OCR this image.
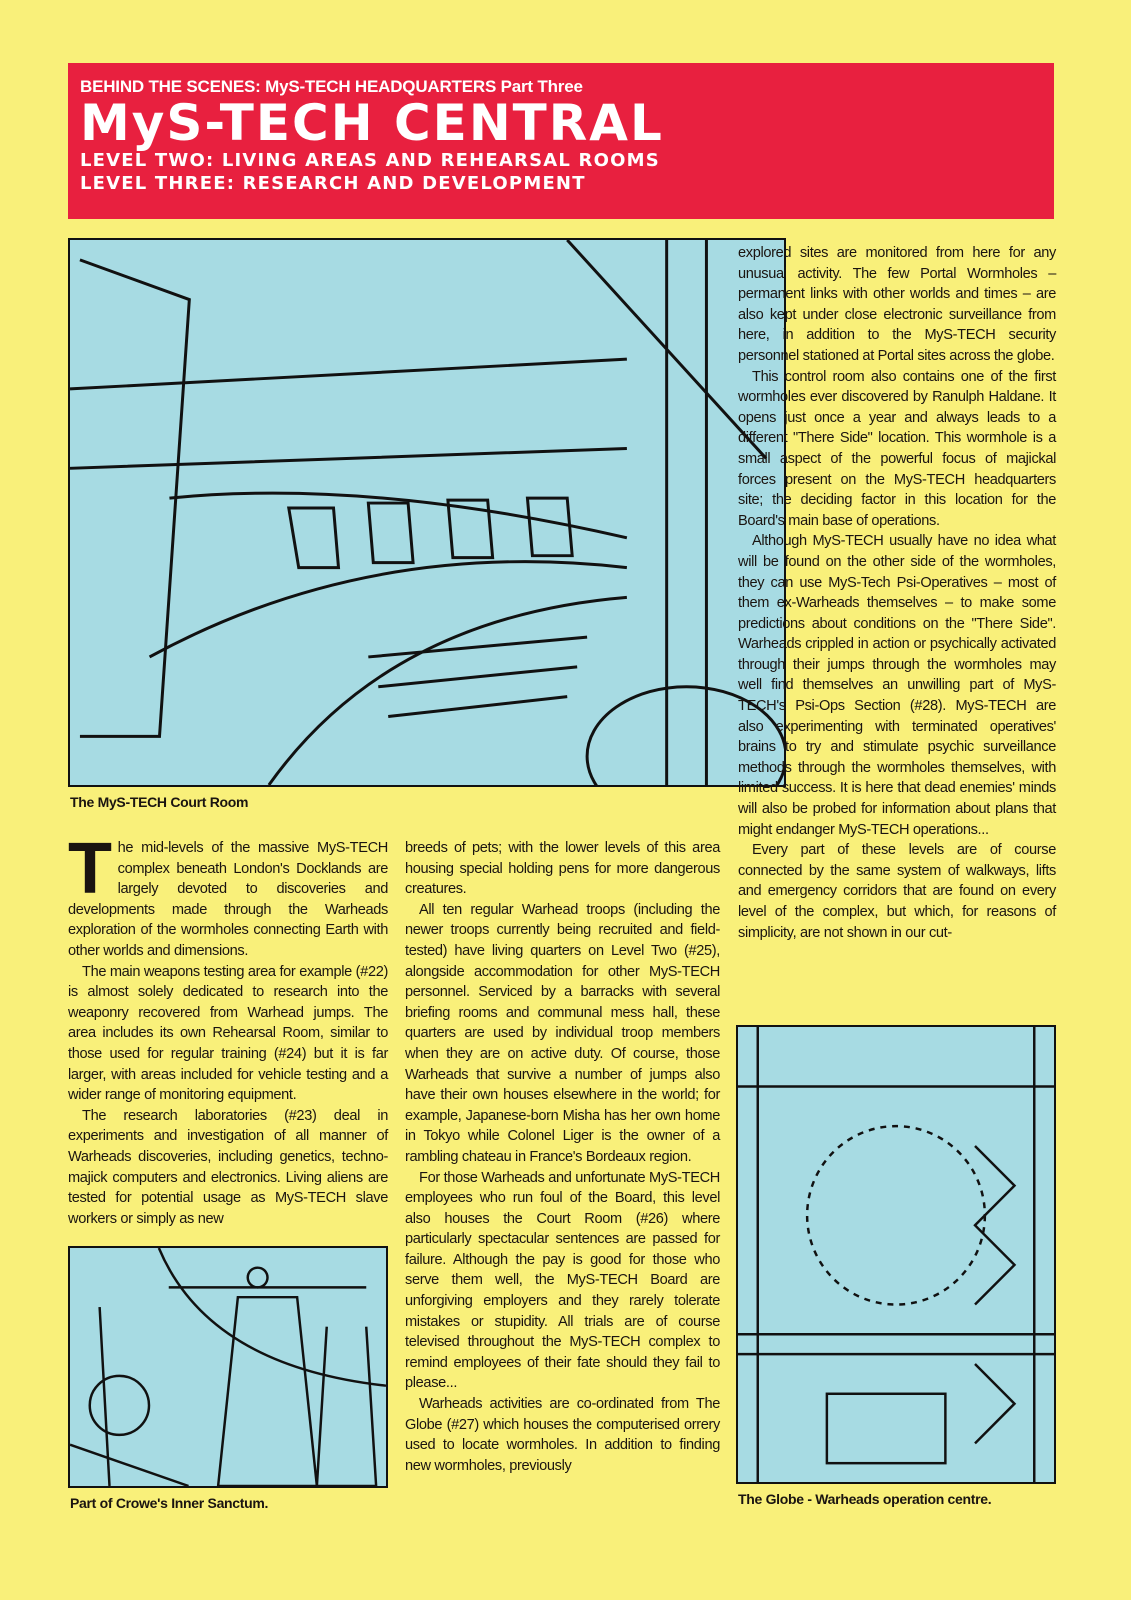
BEHIND THE SCENES: MyS-TECH HEADQUARTERS Part Three
MyS-TECH CENTRAL
LEVEL TWO: LIVING AREAS AND REHEARSAL ROOMS
LEVEL THREE: RESEARCH AND DEVELOPMENT
The MyS-TECH Court Room

The mid-levels of the massive MyS-TECH complex beneath London's Docklands are largely devoted to discoveries and developments made through the Warheads exploration of the wormholes connecting Earth with other worlds and dimensions.

The main weapons testing area for example (#22) is almost solely dedicated to research into the weaponry recovered from Warhead jumps. The area includes its own Rehearsal Room, similar to those used for regular training (#24) but it is far larger, with areas included for vehicle testing and a wider range of monitoring equipment.

The research laboratories (#23) deal in experiments and investigation of all manner of Warheads discoveries, including genetics, techno-majick computers and electronics. Living aliens are tested for potential usage as MyS-TECH slave workers or simply as new

Part of Crowe's Inner Sanctum.

breeds of pets; with the lower levels of this area housing special holding pens for more dangerous creatures.

All ten regular Warhead troops (including the newer troops currently being recruited and field-tested) have living quarters on Level Two (#25), alongside accommodation for other MyS-TECH personnel. Serviced by a barracks with several briefing rooms and communal mess hall, these quarters are used by individual troop members when they are on active duty. Of course, those Warheads that survive a number of jumps also have their own houses elsewhere in the world; for example, Japanese-born Misha has her own home in Tokyo while Colonel Liger is the owner of a rambling chateau in France's Bordeaux region.

For those Warheads and unfortunate MyS-TECH employees who run foul of the Board, this level also houses the Court Room (#26) where particularly spectacular sentences are passed for failure. Although the pay is good for those who serve them well, the MyS-TECH Board are unforgiving employers and they rarely tolerate mistakes or stupidity. All trials are of course televised throughout the MyS-TECH complex to remind employees of their fate should they fail to please...

Warheads activities are co-ordinated from The Globe (#27) which houses the computerised orrery used to locate wormholes. In addition to finding new wormholes, previously

explored sites are monitored from here for any unusual activity. The few Portal Wormholes – permanent links with other worlds and times – are also kept under close electronic surveillance from here, in addition to the MyS-TECH security personnel stationed at Portal sites across the globe.

This control room also contains one of the first wormholes ever discovered by Ranulph Haldane. It opens just once a year and always leads to a different "There Side" location. This wormhole is a small aspect of the powerful focus of majickal forces present on the MyS-TECH headquarters site; the deciding factor in this location for the Board's main base of operations.

Although MyS-TECH usually have no idea what will be found on the other side of the wormholes, they can use MyS-Tech Psi-Operatives – most of them ex-Warheads themselves – to make some predictions about conditions on the "There Side". Warheads crippled in action or psychically activated through their jumps through the wormholes may well find themselves an unwilling part of MyS-TECH's Psi-Ops Section (#28). MyS-TECH are also experimenting with terminated operatives' brains to try and stimulate psychic surveillance methods through the wormholes themselves, with limited success. It is here that dead enemies' minds will also be probed for information about plans that might endanger MyS-TECH operations...

Every part of these levels are of course connected by the same system of walkways, lifts and emergency corridors that are found on every level of the complex, but which, for reasons of simplicity, are not shown in our cut-

The Globe - Warheads operation centre.
